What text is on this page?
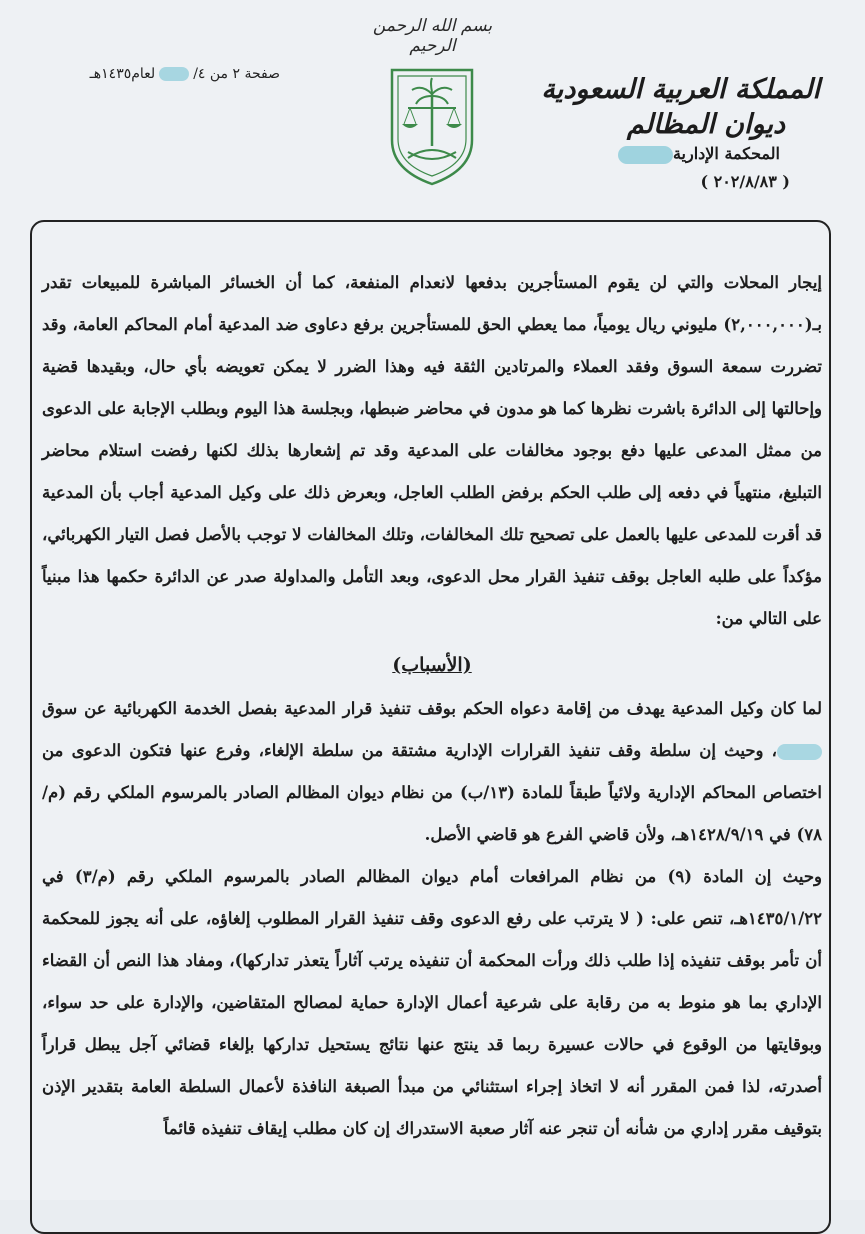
بسم الله الرحمن الرحيم
المملكة العربية السعودية
ديوان المظالم
المحكمة الإدارية
( ٢٠٢/٨/٨٣ )
صفحة ٢ من ٤/لعام١٤٣٥هـ

إيجار المحلات والتي لن يقوم المستأجرين بدفعها لانعدام المنفعة، كما أن الخسائر المباشرة للمبيعات تقدر بـ(٢,٠٠٠,٠٠٠) مليوني ريال يومياً، مما يعطي الحق للمستأجرين برفع دعاوى ضد المدعية أمام المحاكم العامة، وقد تضررت سمعة السوق وفقد العملاء والمرتادين الثقة فيه وهذا الضرر لا يمكن تعويضه بأي حال، وبقيدها قضية وإحالتها إلى الدائرة باشرت نظرها كما هو مدون في محاضر ضبطها، وبجلسة هذا اليوم وبطلب الإجابة على الدعوى من ممثل المدعى عليها دفع بوجود مخالفات على المدعية وقد تم إشعارها بذلك لكنها رفضت استلام محاضر التبليغ، منتهياً في دفعه إلى طلب الحكم برفض الطلب العاجل، وبعرض ذلك على وكيل المدعية أجاب بأن المدعية قد أقرت للمدعى عليها بالعمل على تصحيح تلك المخالفات، وتلك المخالفات لا توجب بالأصل فصل التيار الكهربائي، مؤكداً على طلبه العاجل بوقف تنفيذ القرار محل الدعوى، وبعد التأمل والمداولة صدر عن الدائرة حكمها هذا مبنياً على التالي من:

(الأسباب)

لما كان وكيل المدعية يهدف من إقامة دعواه الحكم بوقف تنفيذ قرار المدعية بفصل الخدمة الكهربائية عن سوق ، وحيث إن سلطة وقف تنفيذ القرارات الإدارية مشتقة من سلطة الإلغاء، وفرع عنها فتكون الدعوى من اختصاص المحاكم الإدارية ولائياً طبقاً للمادة (١٣/ب) من نظام ديوان المظالم الصادر بالمرسوم الملكي رقم (م/٧٨) في ١٤٢٨/٩/١٩هـ، ولأن قاضي الفرع هو قاضي الأصل.

وحيث إن المادة (٩) من نظام المرافعات أمام ديوان المظالم الصادر بالمرسوم الملكي رقم (م/٣) في ١٤٣٥/١/٢٢هـ، تنص على: ( لا يترتب على رفع الدعوى وقف تنفيذ القرار المطلوب إلغاؤه، على أنه يجوز للمحكمة أن تأمر بوقف تنفيذه إذا طلب ذلك ورأت المحكمة أن تنفيذه يرتب آثاراً يتعذر تداركها)، ومفاد هذا النص أن القضاء الإداري بما هو منوط به من رقابة على شرعية أعمال الإدارة حماية لمصالح المتقاضين، والإدارة على حد سواء، وبوقايتها من الوقوع في حالات عسيرة ربما قد ينتج عنها نتائج يستحيل تداركها بإلغاء قضائي آجل يبطل قراراً أصدرته، لذا فمن المقرر أنه لا اتخاذ إجراء استثنائي من مبدأ الصبغة النافذة لأعمال السلطة العامة بتقدير الإذن بتوقيف مقرر إداري من شأنه أن تنجر عنه آثار صعبة الاستدراك إن كان مطلب إيقاف تنفيذه قائماً
